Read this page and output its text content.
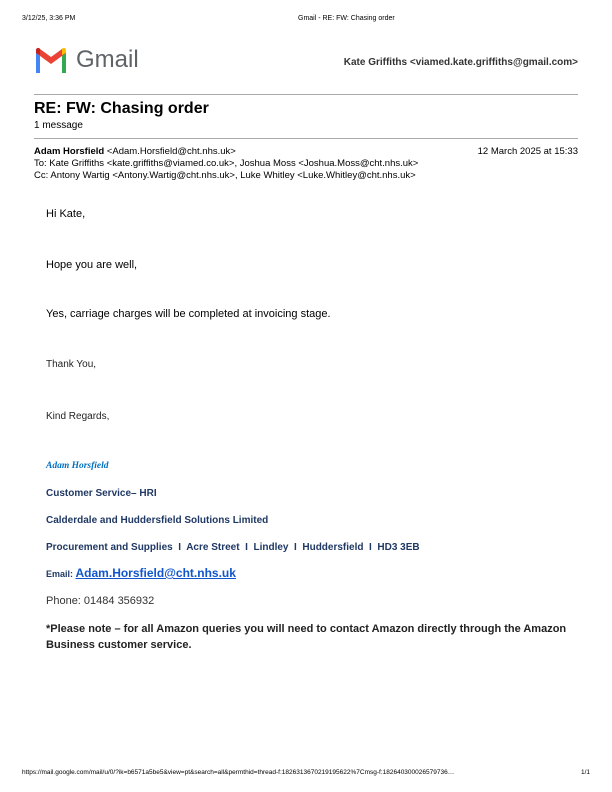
3/12/25, 3:36 PM	Gmail - RE: FW: Chasing order
Gmail	Kate Griffiths <viamed.kate.griffiths@gmail.com>
RE: FW: Chasing order
1 message
Adam Horsfield <Adam.Horsfield@cht.nhs.uk>	12 March 2025 at 15:33
To: Kate Griffiths <kate.griffiths@viamed.co.uk>, Joshua Moss <Joshua.Moss@cht.nhs.uk>
Cc: Antony Wartig <Antony.Wartig@cht.nhs.uk>, Luke Whitley <Luke.Whitley@cht.nhs.uk>
Hi Kate,
Hope you are well,
Yes, carriage charges will be completed at invoicing stage.
Thank You,
Kind Regards,
Adam Horsfield
Customer Service– HRI
Calderdale and Huddersfield Solutions Limited
Procurement and Supplies  I  Acre Street  I  Lindley  I  Huddersfield  I  HD3 3EB
Email: Adam.Horsfield@cht.nhs.uk
Phone: 01484 356932
*Please note – for all Amazon queries you will need to contact Amazon directly through the Amazon Business customer service.
https://mail.google.com/mail/u/0/?ik=b6571a5be5&view=pt&search=all&permthid=thread-f:1826313670219195622%7Cmsg-f:182640300026579736…	1/1
